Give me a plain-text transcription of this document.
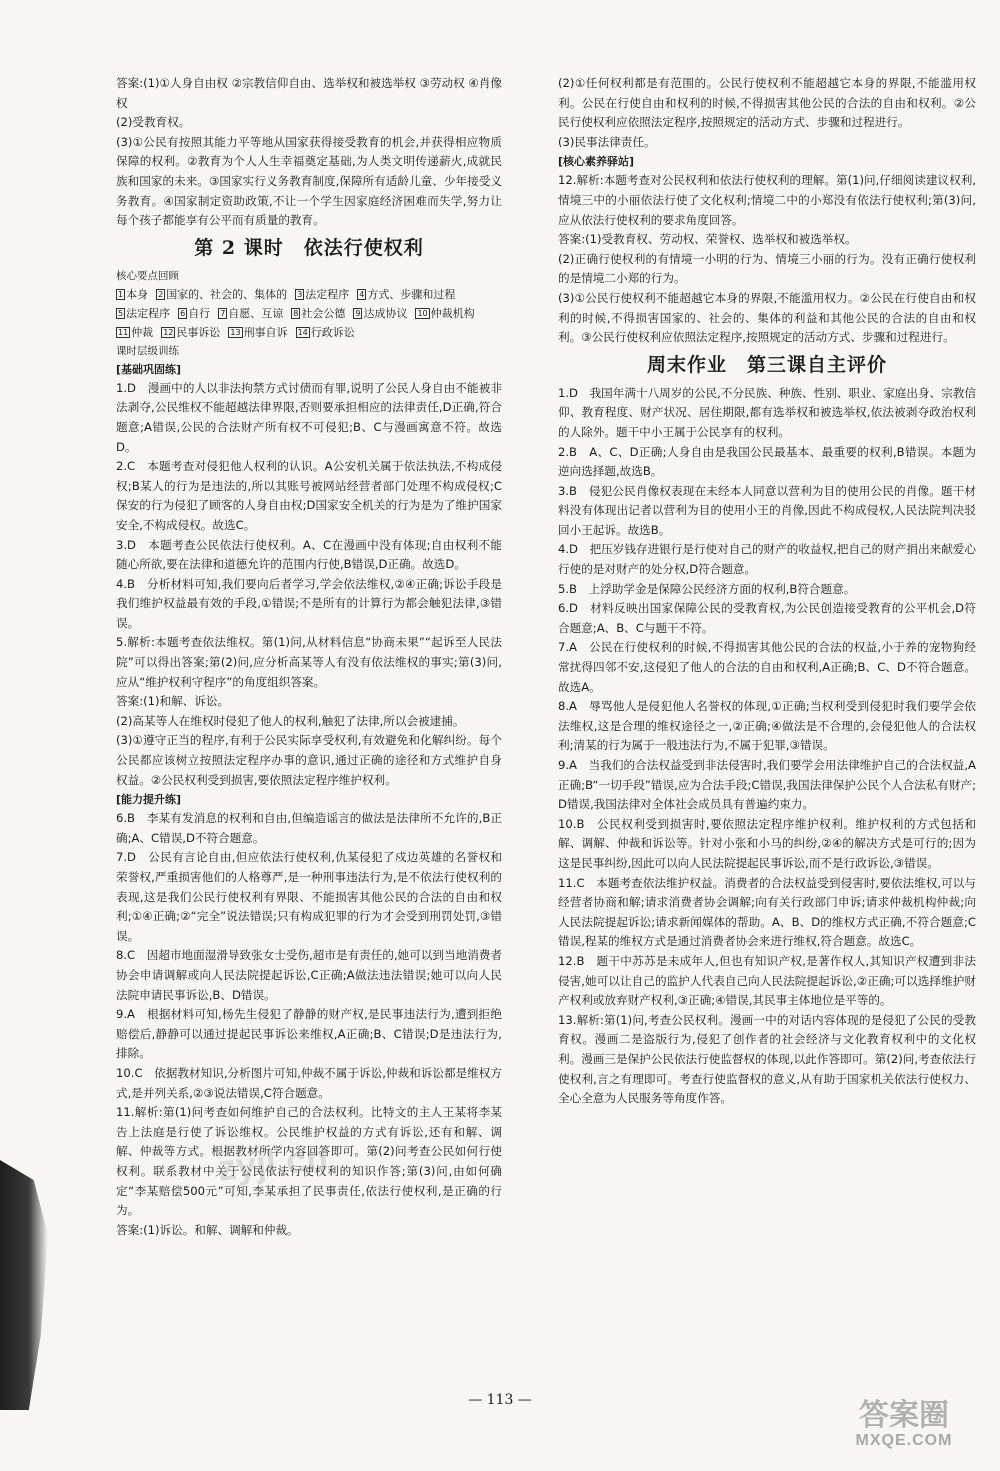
答案:(1)①人身自由权 ②宗教信仰自由、选举权和被选举权 ③劳动权 ④肖像权

(2)受教育权。

(3)①公民有按照其能力平等地从国家获得接受教育的机会,并获得相应物质保障的权利。②教育为个人人生幸福奠定基础,为人类文明传递薪火,成就民族和国家的未来。③国家实行义务教育制度,保障所有适龄儿童、少年接受义务教育。④国家制定资助政策,不让一个学生因家庭经济困难而失学,努力让每个孩子都能享有公平而有质量的教育。

第 2 课时　依法行使权利

核心要点回顾

1 本身 2 国家的、社会的、集体的 3 法定程序 4 方式、步骤和过程
5 法定程序 6 自行 7 自愿、互谅 8 社会公德 9 达成协议 10 仲裁机构
11 仲裁 12 民事诉讼 13 刑事自诉 14 行政诉讼

课时层级训练

[基础巩固练]

1.D　漫画中的人以非法拘禁方式讨债而有罪,说明了公民人身自由不能被非法剥夺,公民维权不能超越法律界限,否则要承担相应的法律责任,D正确,符合题意;A错误,公民的合法财产所有权不可侵犯;B、C与漫画寓意不符。故选D。

2.C　本题考查对侵犯他人权利的认识。A公安机关属于依法执法,不构成侵权;B某人的行为是违法的,所以其账号被网站经营者部门处理不构成侵权;C保安的行为侵犯了顾客的人身自由权;D国家安全机关的行为是为了维护国家安全,不构成侵权。故选C。

3.D　本题考查公民依法行使权利。A、C在漫画中没有体现;自由权利不能随心所欲,要在法律和道德允许的范围内行使,B错误,D正确。故选D。

4.B　分析材料可知,我们要向后者学习,学会依法维权,②④正确;诉讼手段是我们维护权益最有效的手段,①错误;不是所有的计算行为都会触犯法律,③错误。

5.解析:本题考查依法维权。第(1)问,从材料信息“协商未果”“起诉至人民法院”可以得出答案;第(2)问,应分析高某等人有没有依法维权的事实;第(3)问,应从“维护权利守程序”的角度组织答案。

答案:(1)和解、诉讼。

(2)高某等人在维权时侵犯了他人的权利,触犯了法律,所以会被逮捕。

(3)①遵守正当的程序,有利于公民实际享受权利,有效避免和化解纠纷。每个公民都应该树立按照法定程序办事的意识,通过正确的途径和方式维护自身权益。②公民权利受到损害,要依照法定程序维护权利。

[能力提升练]

6.B　李某有发消息的权利和自由,但编造谣言的做法是法律所不允许的,B正确;A、C错误,D不符合题意。

7.D　公民有言论自由,但应依法行使权利,仇某侵犯了戍边英雄的名誉权和荣誉权,严重损害他们的人格尊严,是一种刑事违法行为,是不依法行使权利的表现,这是我们公民行使权利有界限、不能损害其他公民的合法的自由和权利;①④正确;②“完全”说法错误;只有构成犯罪的行为才会受到刑罚处罚,③错误。

8.C　因超市地面湿滑导致张女士受伤,超市是有责任的,她可以到当地消费者协会申请调解或向人民法院提起诉讼,C正确;A做法违法错误;她可以向人民法院申请民事诉讼,B、D错误。

9.A　根据材料可知,杨先生侵犯了静静的财产权,是民事违法行为,遭到拒绝赔偿后,静静可以通过提起民事诉讼来维权,A正确;B、C错误;D是违法行为,排除。

10.C　依据教材知识,分析图片可知,仲裁不属于诉讼,仲裁和诉讼都是维权方式,是并列关系,②③说法错误,C符合题意。

11.解析:第(1)问考查如何维护自己的合法权利。比特文的主人王某将李某告上法庭是行使了诉讼维权。公民维护权益的方式有诉讼,还有和解、调解、仲裁等方式。根据教材所学内容回答即可。第(2)问考查公民如何行使权利。联系教材中关于公民依法行使权利的知识作答;第(3)问,由如何确定“李某赔偿500元”可知,李某承担了民事责任,依法行使权利,是正确的行为。

答案:(1)诉讼。和解、调解和仲裁。

(2)①任何权利都是有范围的。公民行使权利不能超越它本身的界限,不能滥用权利。公民在行使自由和权利的时候,不得损害其他公民的合法的自由和权利。②公民行使权利应依照法定程序,按照规定的活动方式、步骤和过程进行。

(3)民事法律责任。

[核心素养驿站]

12.解析:本题考查对公民权利和依法行使权利的理解。第(1)问,仔细阅读建议权利,情境三中的小丽依法行使了文化权利;情境二中的小郑没有依法行使权利;第(3)问,应从依法行使权利的要求角度回答。

答案:(1)受教育权、劳动权、荣誉权、选举权和被选举权。

(2)正确行使权利的有情境一小明的行为、情境三小丽的行为。没有正确行使权利的是情境二小郑的行为。

(3)①公民行使权利不能超越它本身的界限,不能滥用权力。②公民在行使自由和权利的时候,不得损害国家的、社会的、集体的利益和其他公民的合法的自由和权利。③公民行使权利应依照法定程序,按照规定的活动方式、步骤和过程进行。

周末作业　第三课自主评价

1.D　我国年满十八周岁的公民,不分民族、种族、性别、职业、家庭出身、宗教信仰、教育程度、财产状况、居住期限,都有选举权和被选举权,依法被剥夺政治权利的人除外。题干中小王属于公民享有的权利。

2.B　A、C、D正确;人身自由是我国公民最基本、最重要的权利,B错误。本题为逆向选择题,故选B。

3.B　侵犯公民肖像权表现在未经本人同意以营利为目的使用公民的肖像。题干材料没有体现出记者以营利为目的使用小王的肖像,因此不构成侵权,人民法院判决驳回小王起诉。故选B。

4.D　把压岁钱存进银行是行使对自己的财产的收益权,把自己的财产捐出来献爱心行使的是对财产的处分权,D符合题意。

5.B　上浮助学金是保障公民经济方面的权利,B符合题意。

6.D　材料反映出国家保障公民的受教育权,为公民创造接受教育的公平机会,D符合题意;A、B、C与题干不符。

7.A　公民在行使权利的时候,不得损害其他公民的合法的权益,小于养的宠物狗经常扰得四邻不安,这侵犯了他人的合法的自由和权利,A正确;B、C、D不符合题意。故选A。

8.A　辱骂他人是侵犯他人名誉权的体现,①正确;当权利受到侵犯时我们要学会依法维权,这是合理的维权途径之一,②正确;④做法是不合理的,会侵犯他人的合法权利;清某的行为属于一般违法行为,不属于犯罪,③错误。

9.A　当我们的合法权益受到非法侵害时,我们要学会用法律维护自己的合法权益,A正确;B“一切手段”错误,应为合法手段;C错误,我国法律保护公民个人合法私有财产;D错误,我国法律对全体社会成员具有普遍约束力。

10.B　公民权利受到损害时,要依照法定程序维护权利。维护权利的方式包括和解、调解、仲裁和诉讼等。针对小张和小马的纠纷,②④的解决方式是可行的;因为这是民事纠纷,因此可以向人民法院提起民事诉讼,而不是行政诉讼,③错误。

11.C　本题考查依法维护权益。消费者的合法权益受到侵害时,要依法维权,可以与经营者协商和解;请求消费者协会调解;向有关行政部门申诉;请求仲裁机构仲裁;向人民法院提起诉讼;请求新闻媒体的帮助。A、B、D的维权方式正确,不符合题意;C错误,程某的维权方式是通过消费者协会来进行维权,符合题意。故选C。

12.B　题干中苏苏是未成年人,但也有知识产权,是著作权人,其知识产权遭到非法侵害,她可以让自己的监护人代表自己向人民法院提起诉讼,②正确;可以选择维护财产权利或放弃财产权利,③正确;④错误,其民事主体地位是平等的。

13.解析:第(1)问,考查公民权利。漫画一中的对话内容体现的是侵犯了公民的受教育权。漫画二是盗版行为,侵犯了创作者的社会经济与文化教育权利中的文化权利。漫画三是保护公民依法行使监督权的体现,以此作答即可。第(2)问,考查依法行使权利,言之有理即可。考查行使监督权的意义,从有助于国家机关依法行使权力、全心全意为人民服务等角度作答。

— 113 —
zyjl.cn
答案圈
MXQE.COM
